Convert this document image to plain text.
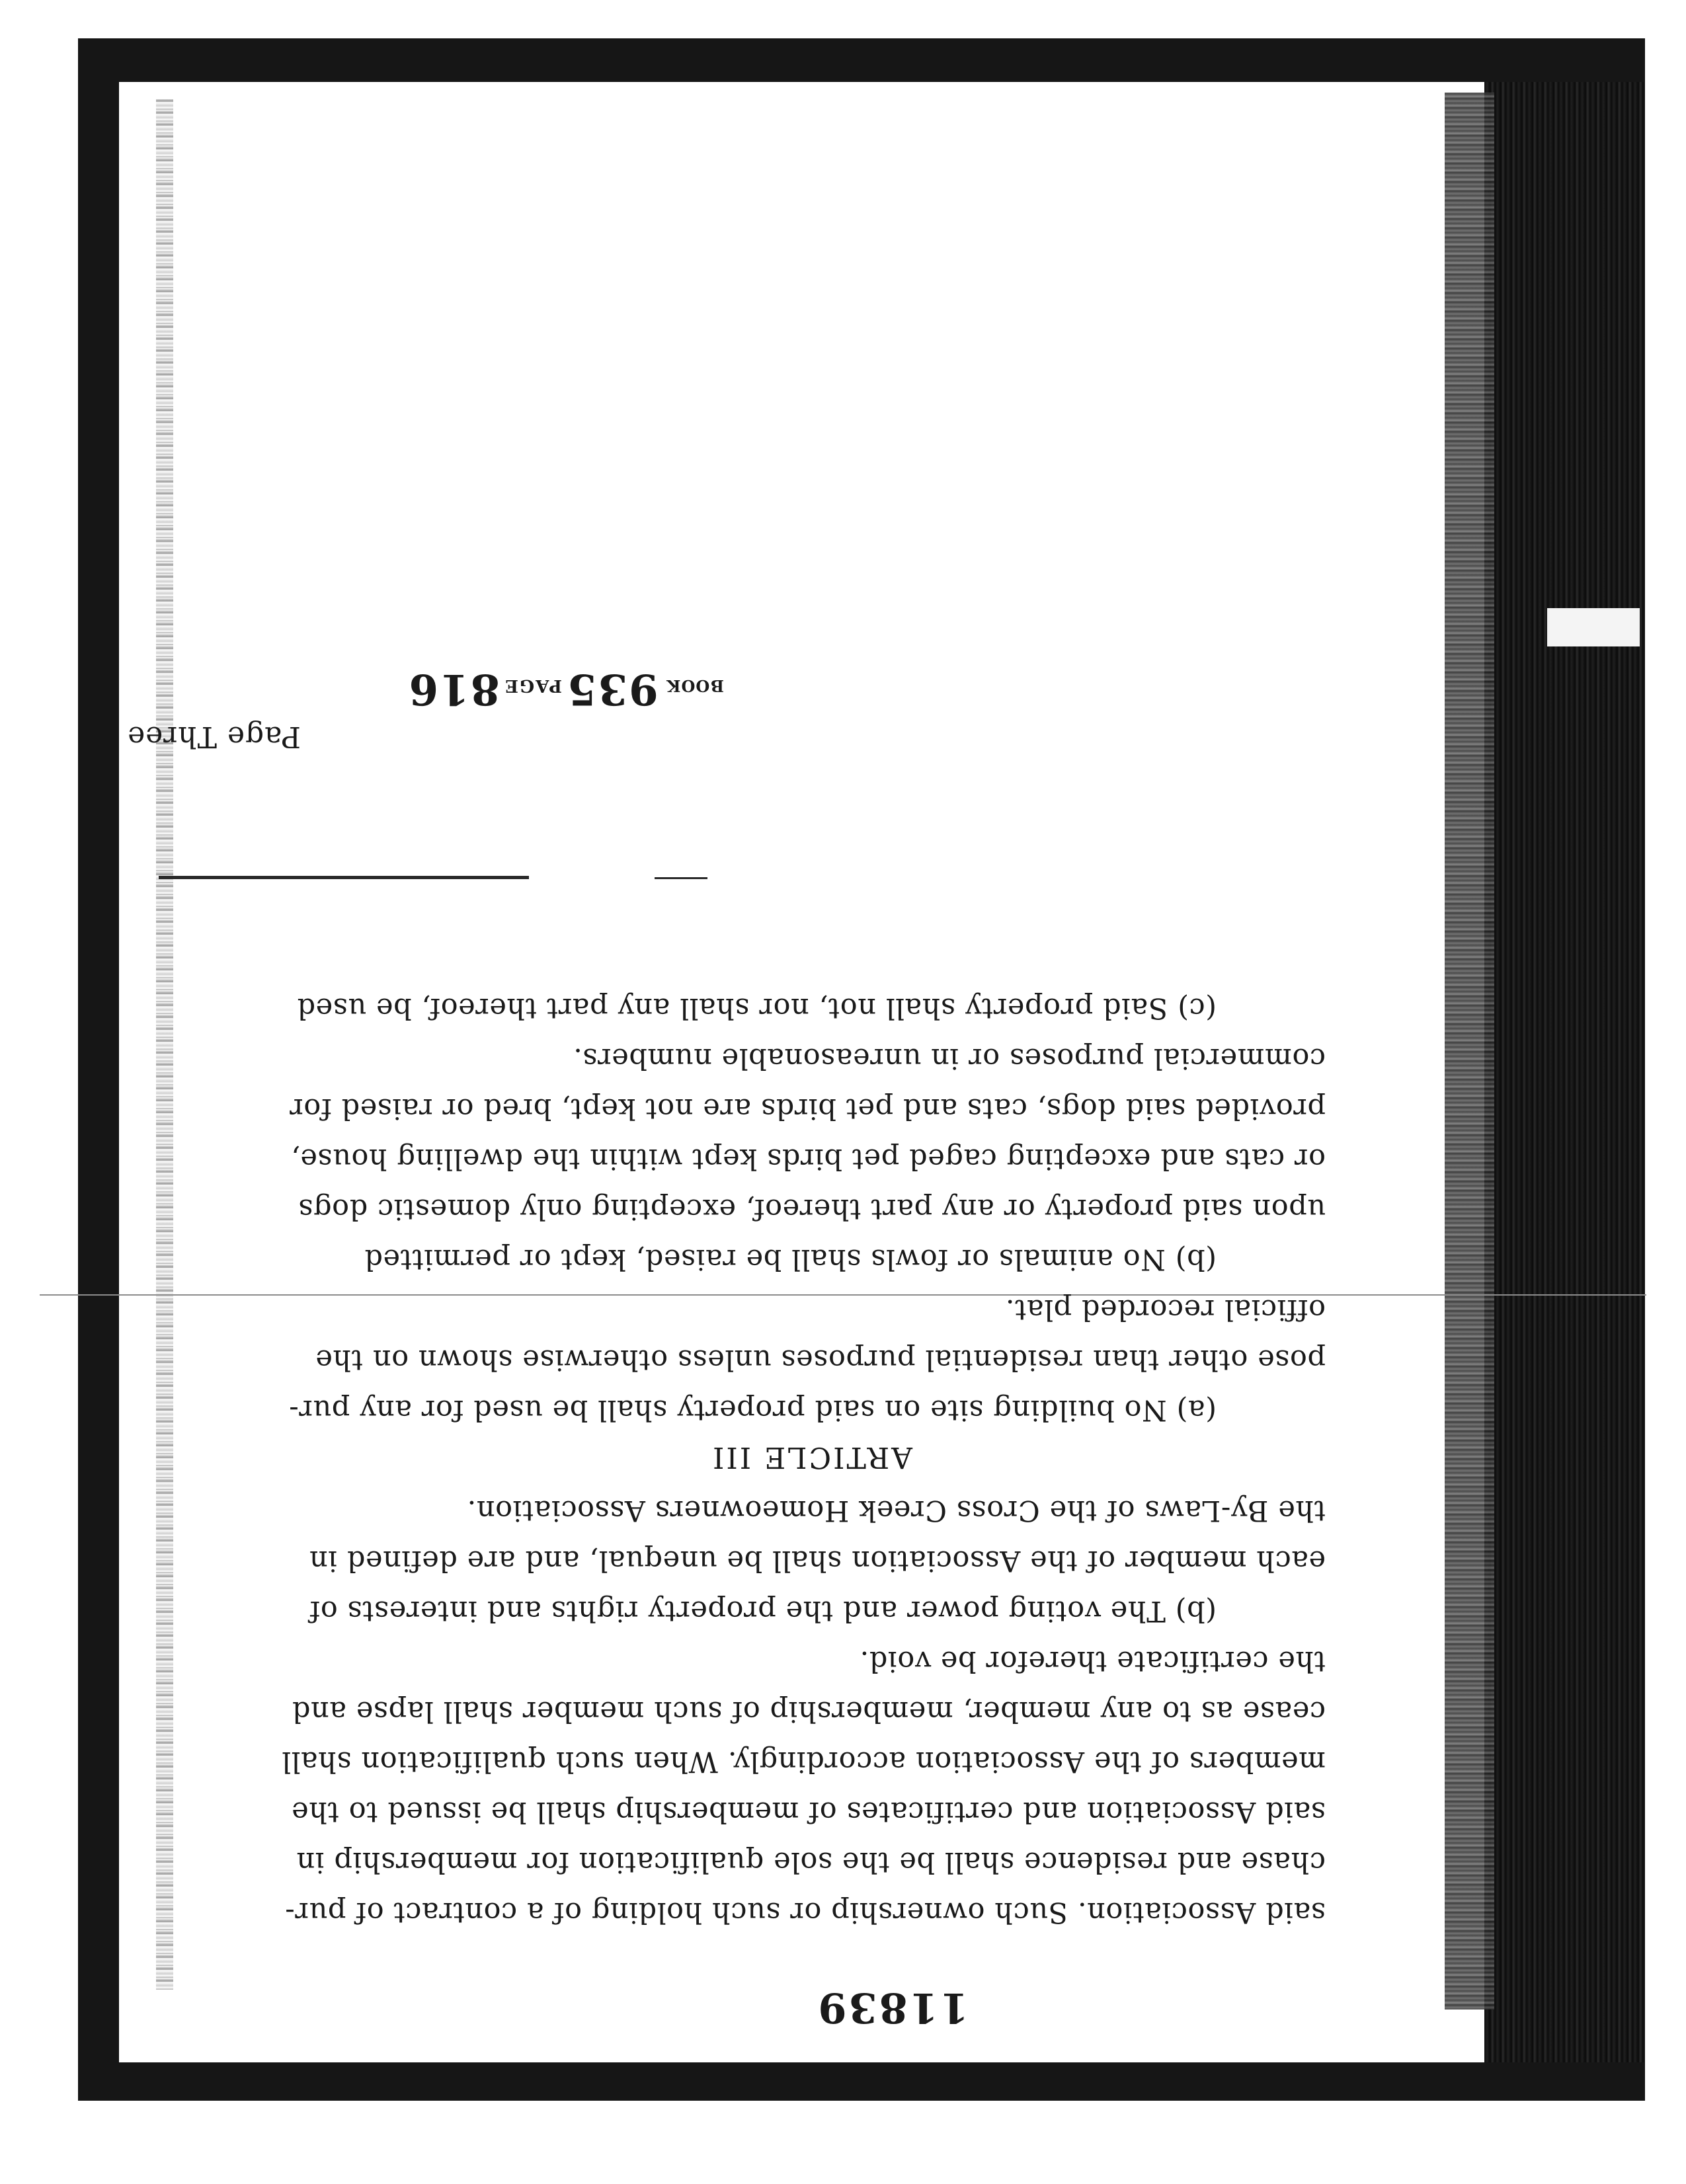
11839
BOOK935PAGE816
Page Three
said Association. Such ownership or such holding of a contract of pur-
chase and residence shall be the sole qualification for membership in
said Association and certificates of membership shall be issued to the
members of the Association accordingly. When such qualification shall
cease as to any member, membership of such member shall lapse and
the certificate therefor be void.
(b) The voting power and the property rights and interests of
each member of the Association shall be unequal, and are defined in
the By-Laws of the Cross Creek Homeowners Association.
ARTICLE III
(a) No building site on said property shall be used for any pur-
pose other than residential purposes unless otherwise shown on the
official recorded plat.
(b) No animals or fowls shall be raised, kept or permitted
upon said property or any part thereof, excepting only domestic dogs
or cats and excepting caged pet birds kept within the dwelling house,
provided said dogs, cats and pet birds are not kept, bred or raised for
commercial purposes or in unreasonable numbers.
(c) Said property shall not, nor shall any part thereof, be used
